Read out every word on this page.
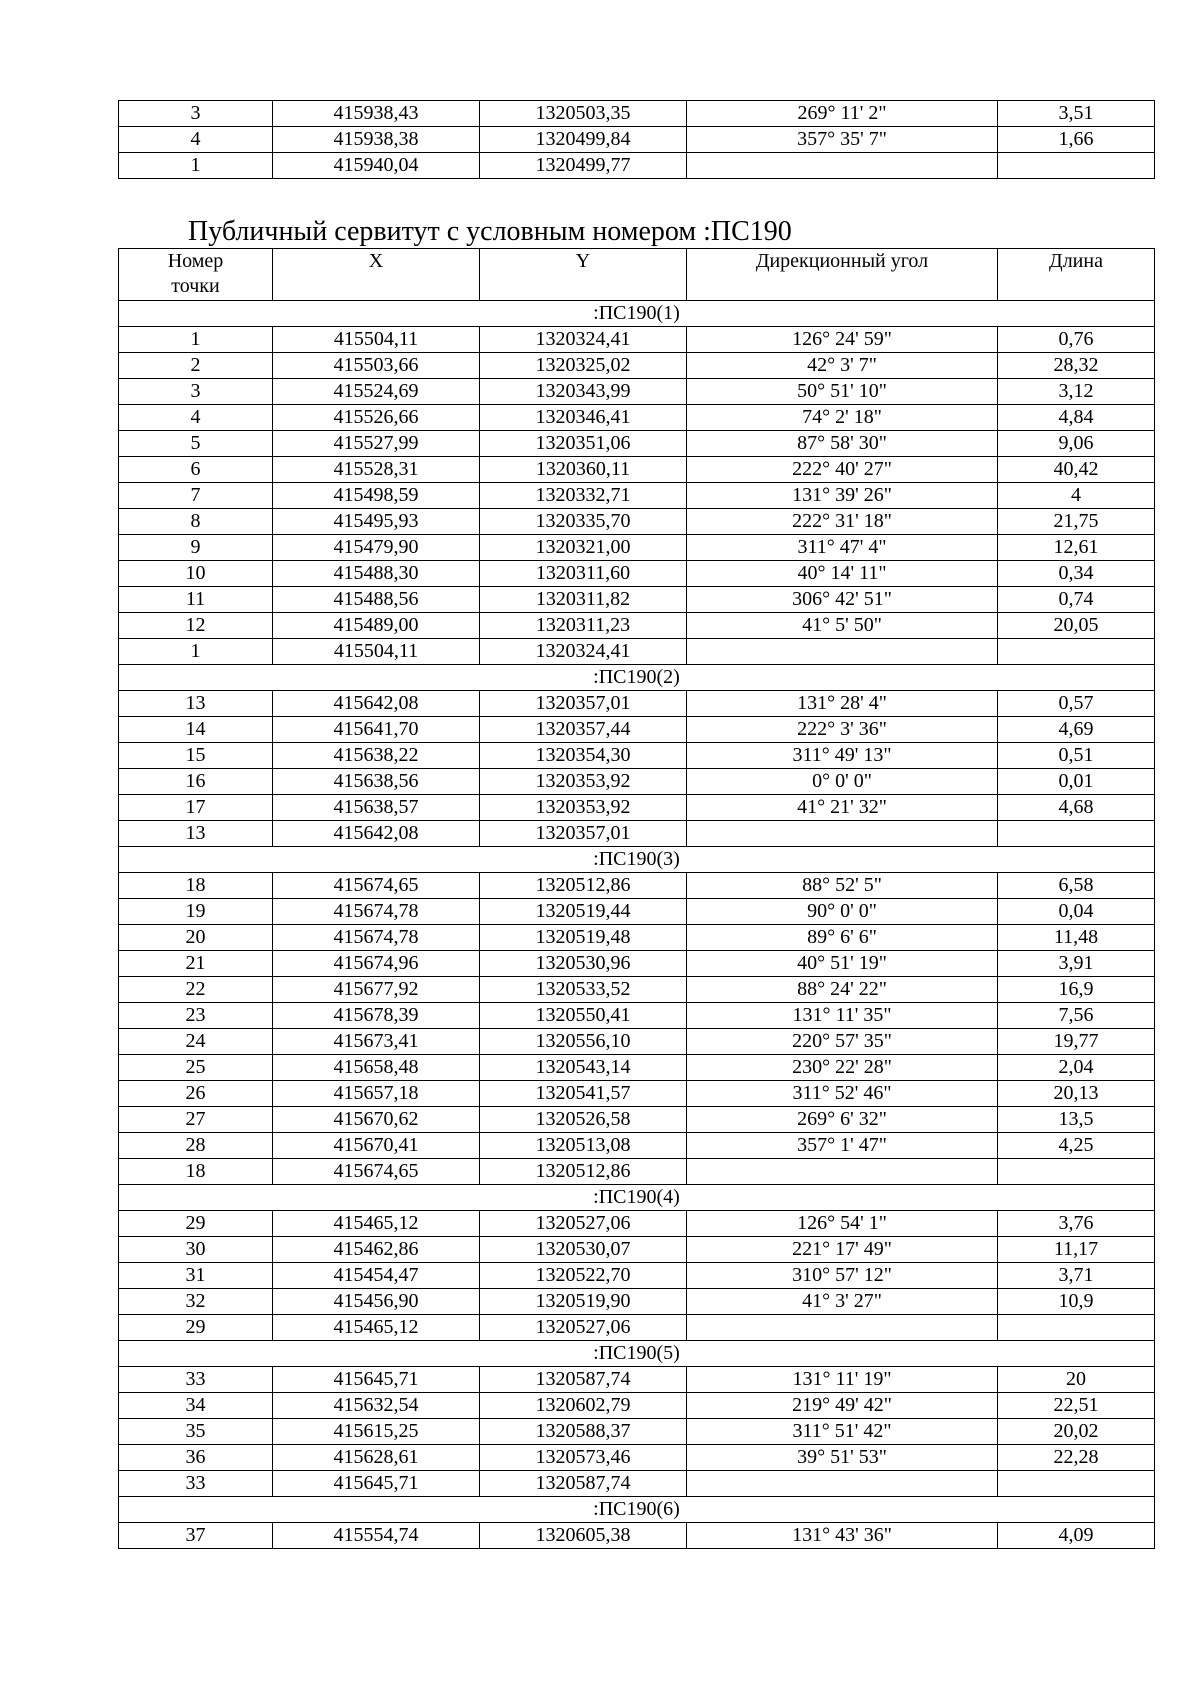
3	415938,43	1320503,35	269° 11' 2"	3,51
4	415938,38	1320499,84	357° 35' 7"	1,66
1	415940,04	1320499,77		
Публичный сервитут с условным номером :ПС190
Номер
точки	X	Y	Дирекционный угол	Длина
:ПС190(1)				
1	415504,11	1320324,41	126° 24' 59"	0,76
2	415503,66	1320325,02	42° 3' 7"	28,32
3	415524,69	1320343,99	50° 51' 10"	3,12
4	415526,66	1320346,41	74° 2' 18"	4,84
5	415527,99	1320351,06	87° 58' 30"	9,06
6	415528,31	1320360,11	222° 40' 27"	40,42
7	415498,59	1320332,71	131° 39' 26"	4
8	415495,93	1320335,70	222° 31' 18"	21,75
9	415479,90	1320321,00	311° 47' 4"	12,61
10	415488,30	1320311,60	40° 14' 11"	0,34
11	415488,56	1320311,82	306° 42' 51"	0,74
12	415489,00	1320311,23	41° 5' 50"	20,05
1	415504,11	1320324,41		
:ПС190(2)				
13	415642,08	1320357,01	131° 28' 4"	0,57
14	415641,70	1320357,44	222° 3' 36"	4,69
15	415638,22	1320354,30	311° 49' 13"	0,51
16	415638,56	1320353,92	0° 0' 0"	0,01
17	415638,57	1320353,92	41° 21' 32"	4,68
13	415642,08	1320357,01		
:ПС190(3)				
18	415674,65	1320512,86	88° 52' 5"	6,58
19	415674,78	1320519,44	90° 0' 0"	0,04
20	415674,78	1320519,48	89° 6' 6"	11,48
21	415674,96	1320530,96	40° 51' 19"	3,91
22	415677,92	1320533,52	88° 24' 22"	16,9
23	415678,39	1320550,41	131° 11' 35"	7,56
24	415673,41	1320556,10	220° 57' 35"	19,77
25	415658,48	1320543,14	230° 22' 28"	2,04
26	415657,18	1320541,57	311° 52' 46"	20,13
27	415670,62	1320526,58	269° 6' 32"	13,5
28	415670,41	1320513,08	357° 1' 47"	4,25
18	415674,65	1320512,86		
:ПС190(4)				
29	415465,12	1320527,06	126° 54' 1"	3,76
30	415462,86	1320530,07	221° 17' 49"	11,17
31	415454,47	1320522,70	310° 57' 12"	3,71
32	415456,90	1320519,90	41° 3' 27"	10,9
29	415465,12	1320527,06		
:ПС190(5)				
33	415645,71	1320587,74	131° 11' 19"	20
34	415632,54	1320602,79	219° 49' 42"	22,51
35	415615,25	1320588,37	311° 51' 42"	20,02
36	415628,61	1320573,46	39° 51' 53"	22,28
33	415645,71	1320587,74		
:ПС190(6)				
37	415554,74	1320605,38	131° 43' 36"	4,09
